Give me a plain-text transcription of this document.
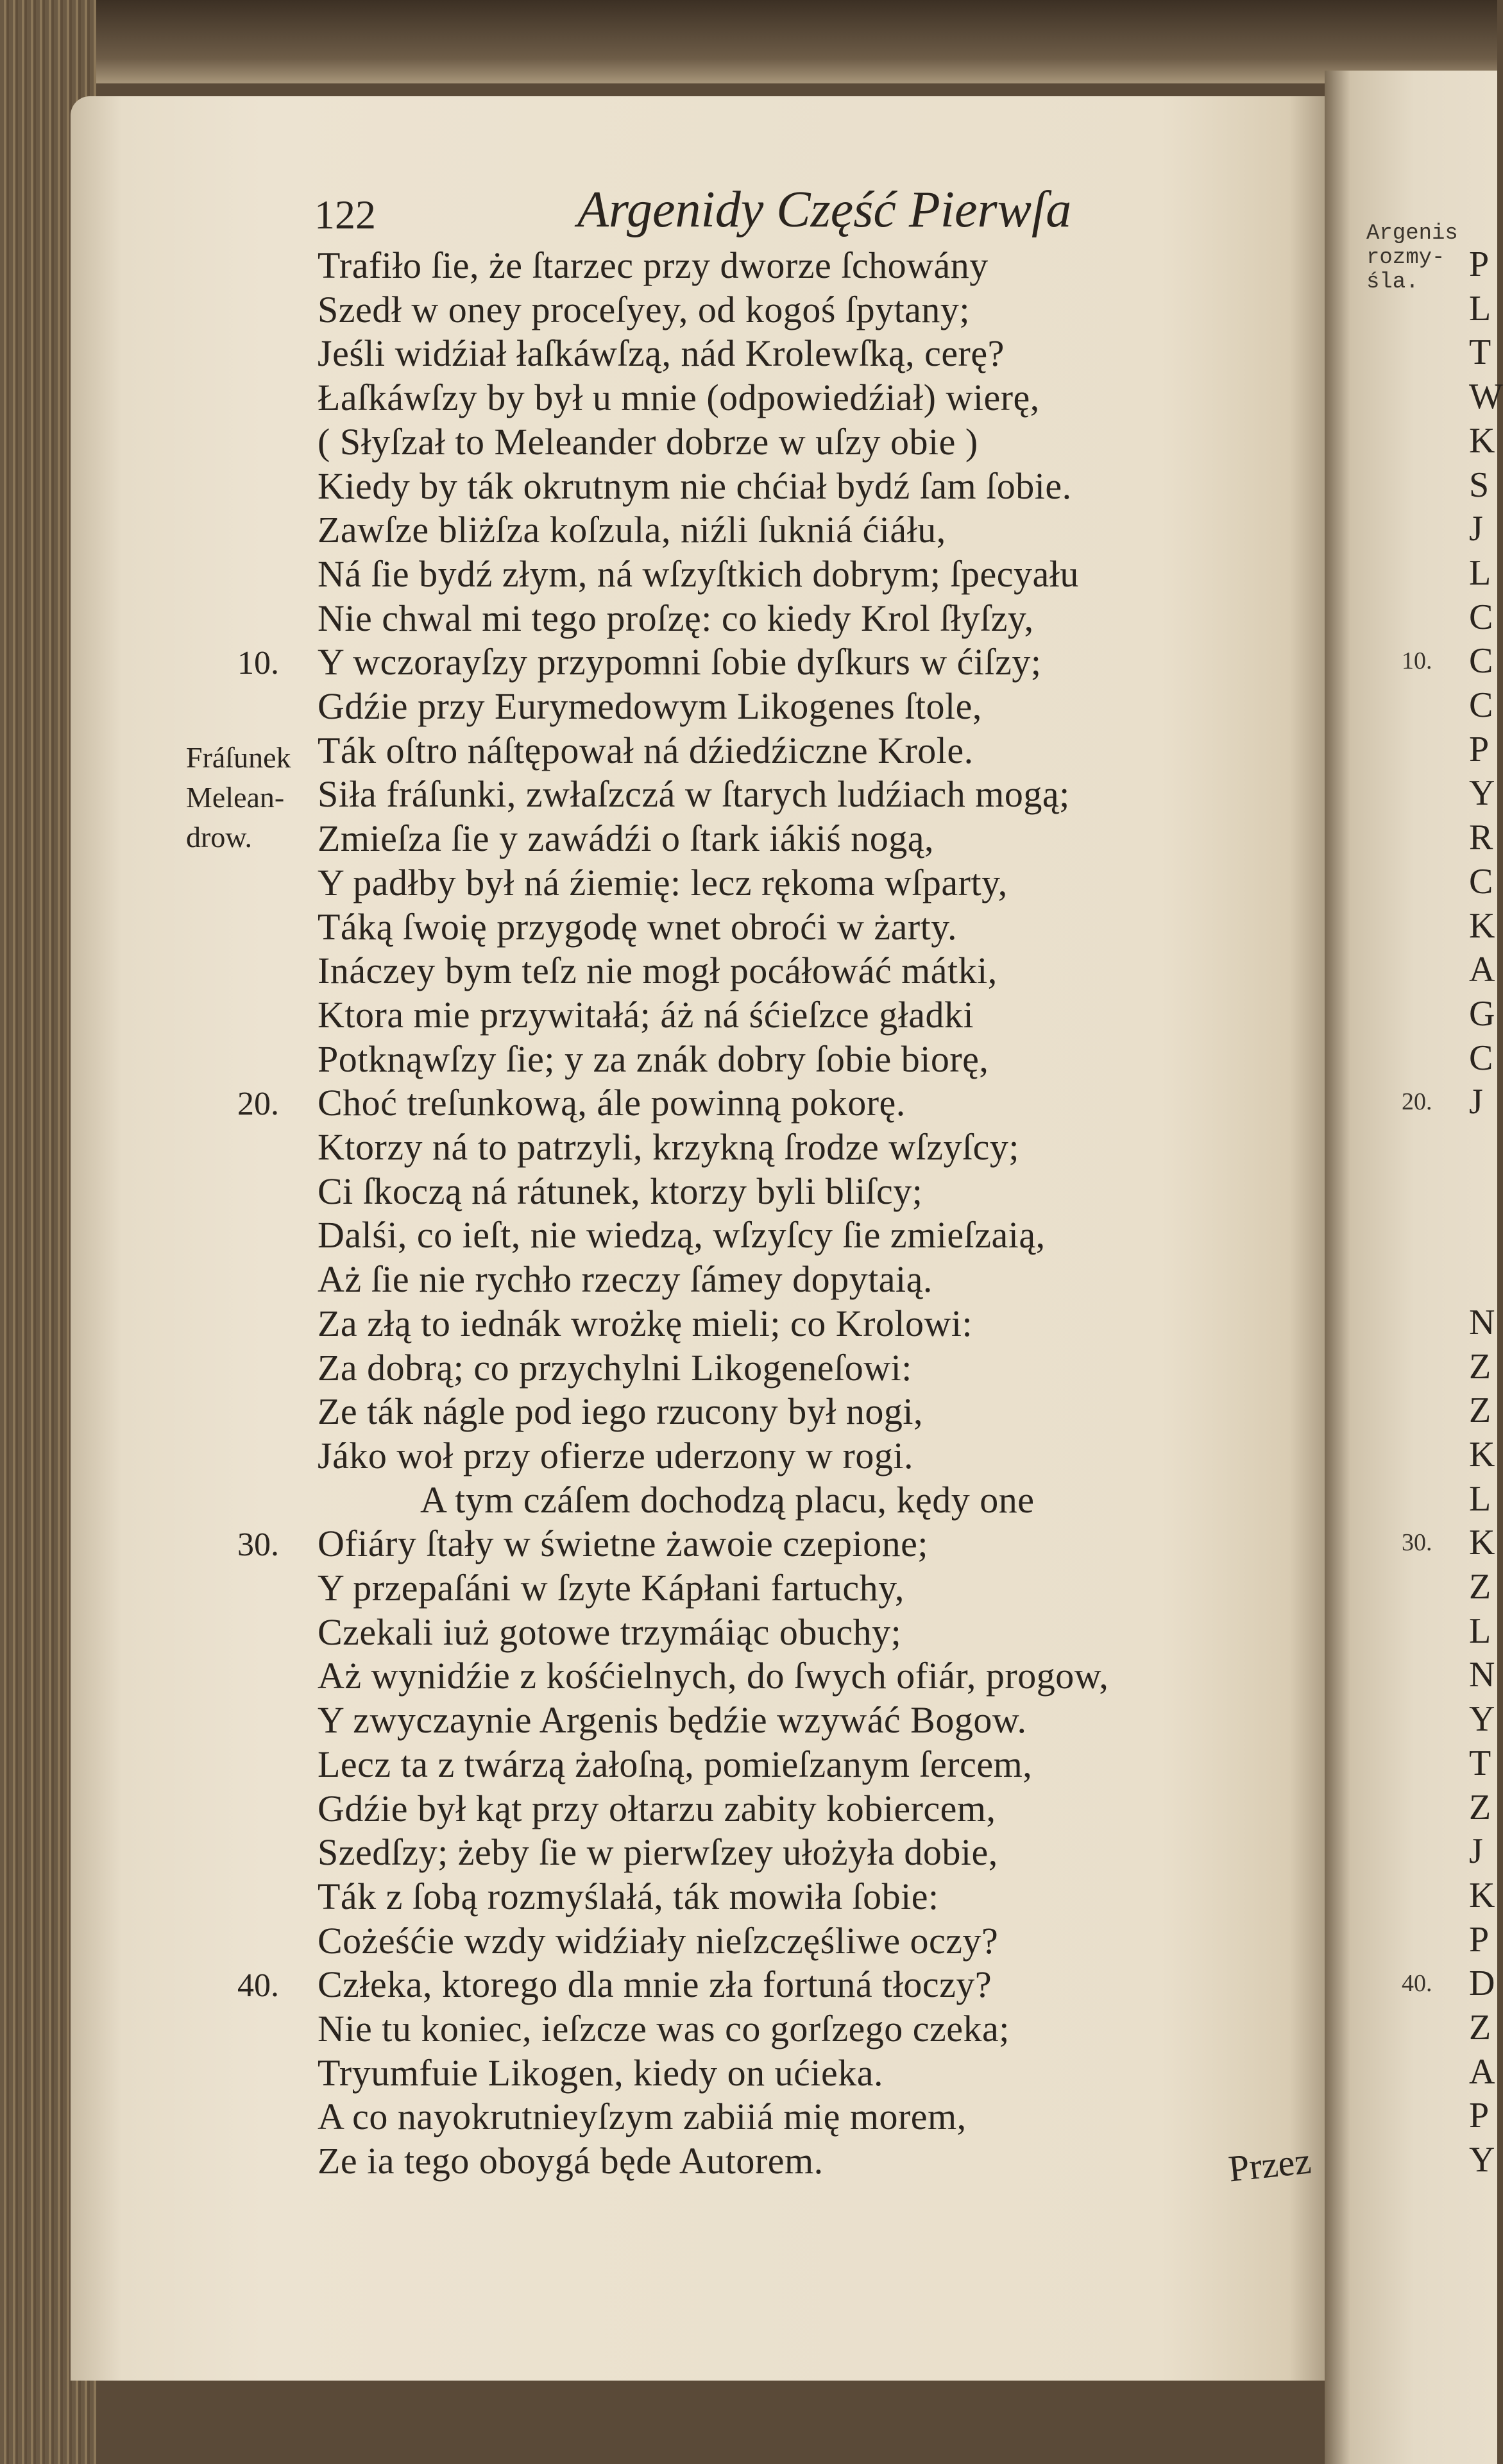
122	Argenidy Część Pierwſa
Fráſunek
Melean-
drow.
Trafiło ſie, że ſtarzec przy dworze ſchowány
Szedł w oney proceſyey, od kogoś ſpytany;
Jeśli widźiał łaſkáwſzą, nád Krolewſką, cerę?
Łaſkáwſzy by był u mnie (odpowiedźiał) wierę,
( Słyſzał to Meleander dobrze w uſzy obie )
Kiedy by ták okrutnym nie chćiał bydź ſam ſobie.
Zawſze bliżſza koſzula, niźli ſukniá ćiáłu,
Ná ſie bydź złym, ná wſzyſtkich dobrym; ſpecyału
Nie chwal mi tego proſzę: co kiedy Krol ſłyſzy,
Y wczorayſzy przypomni ſobie dyſkurs w ćiſzy;
Gdźie przy Eurymedowym Likogenes ſtole,
Ták oſtro náſtępował ná dźiedźiczne Krole.
Siła fráſunki, zwłaſzczá w ſtarych ludźiach mogą;
Zmieſza ſie y zawádźi o ſtark iákiś nogą,
Y padłby był ná źiemię: lecz rękoma wſparty,
Táką ſwoię przygodę wnet obroći w żarty.
Ináczey bym teſz nie mogł pocáłowáć mátki,
Ktora mie przywitałá; áż ná śćieſzce gładki
Potknąwſzy ſie; y za znák dobry ſobie biorę,
Choć treſunkową, ále powinną pokorę.
Ktorzy ná to patrzyli, krzykną ſrodze wſzyſcy;
Ci ſkoczą ná rátunek, ktorzy byli bliſcy;
Dalśi, co ieſt, nie wiedzą, wſzyſcy ſie zmieſzaią,
Aż ſie nie rychło rzeczy ſámey dopytaią.
Za złą to iednák wrożkę mieli; co Krolowi:
Za dobrą; co przychylni Likogeneſowi:
Ze ták nágle pod iego rzucony był nogi,
Jáko woł przy ofierze uderzony w rogi.
A tym czáſem dochodzą placu, kędy one
Ofiáry ſtały w świetne żawoie czepione;
Y przepaſáni w ſzyte Kápłani fartuchy,
Czekali iuż gotowe trzymáiąc obuchy;
Aż wynidźie z kośćielnych, do ſwych ofiár, progow,
Y zwyczaynie Argenis będźie wzywáć Bogow.
Lecz ta z twárzą żałoſną, pomieſzanym ſercem,
Gdźie był kąt przy ołtarzu zabity kobiercem,
Szedſzy; żeby ſie w pierwſzey ułożyła dobie,
Ták z ſobą rozmyślałá, ták mowiła ſobie:
Cożeśćie wzdy widźiały nieſzczęśliwe oczy?
Człeka, ktorego dla mnie zła fortuná tłoczy?
Nie tu koniec, ieſzcze was co gorſzego czeka;
Tryumfuie Likogen, kiedy on ućieka.
A co nayokrutnieyſzym zabiiá mię morem,
Ze ia tego oboygá będe Autorem.
10.
20.
30.
40.
Argenis
rozmy-
śla.	P
L
T
W
K
S
J
L
C
C
C
P
Y
R
C
K
A
G
C
J
N
Z
Z
K
L
K
Z
L
N
Y
T
Z
J
K
P
D
Z
A
P
Y
10.
20.
30.
40.
Przez
